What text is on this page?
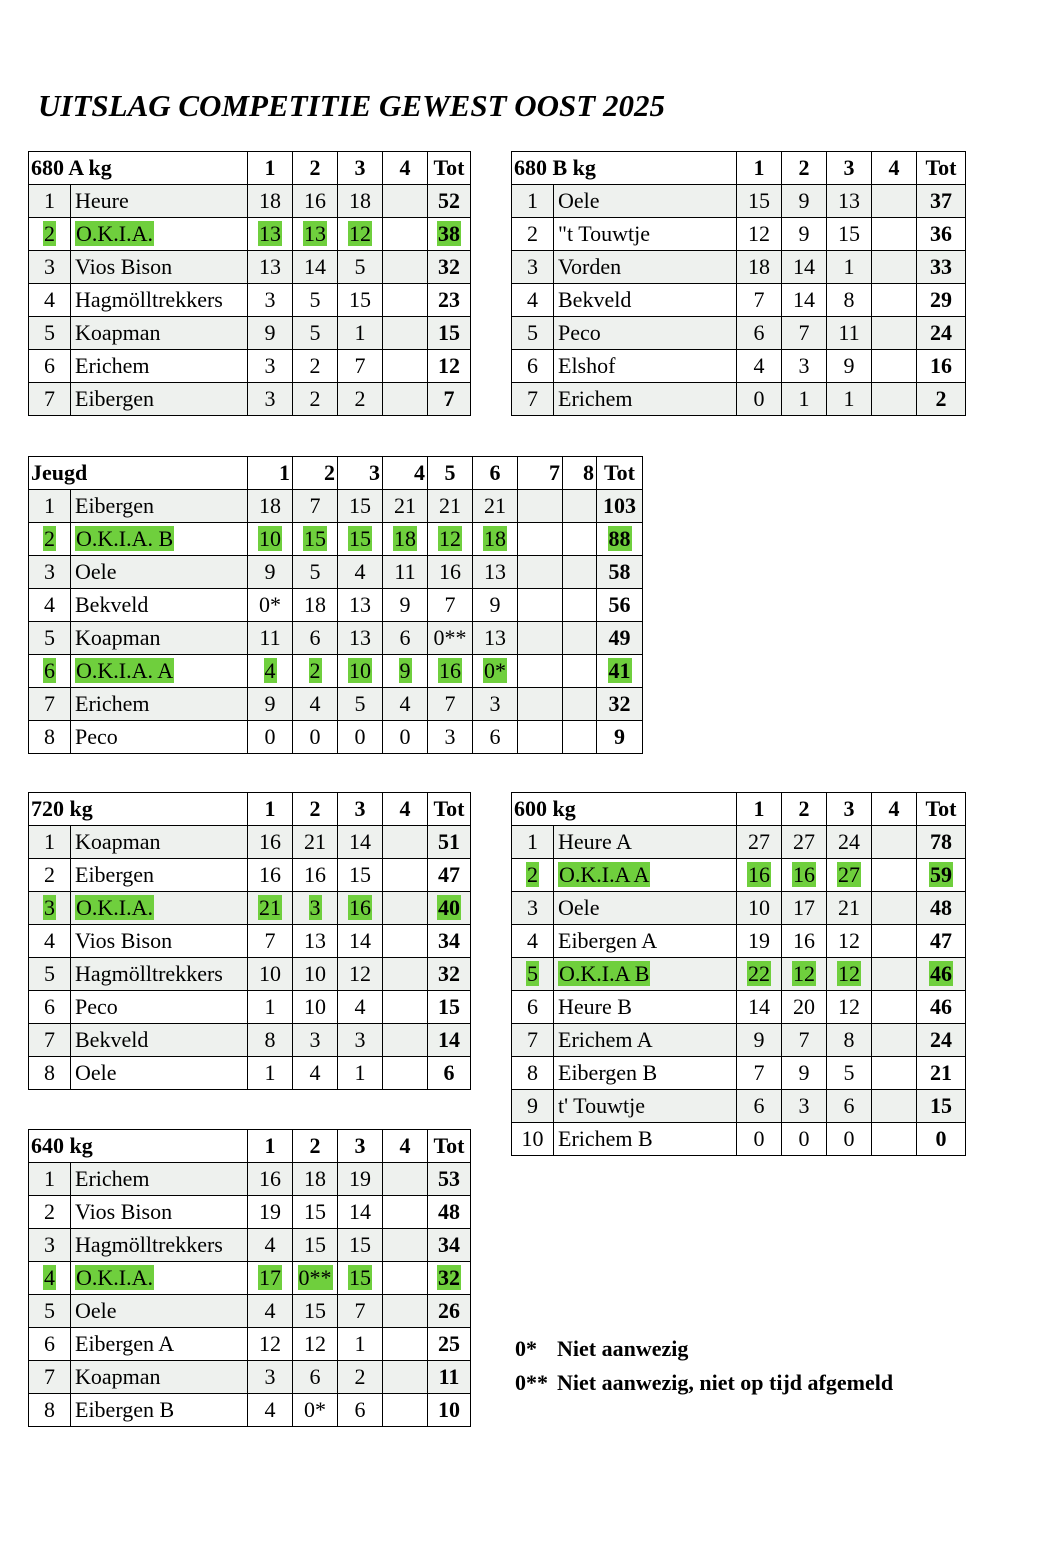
UITSLAG COMPETITIE GEWEST OOST 2025
680 A kg		1	2	3	4	Tot
1	Heure	18	16	18		52
2	O.K.I.A.	13	13	12		38
3	Vios Bison	13	14	5		32
4	Hagmölltrekkers	3	5	15		23
5	Koapman	9	5	1		15
6	Erichem	3	2	7		12
7	Eibergen	3	2	2		7
680 B kg		1	2	3	4	Tot
1	Oele	15	9	13		37
2	"t Touwtje	12	9	15		36
3	Vorden	18	14	1		33
4	Bekveld	7	14	8		29
5	Peco	6	7	11		24
6	Elshof	4	3	9		16
7	Erichem	0	1	1		2
Jeugd		1	2	3	4	5	6	7	8	Tot
1	Eibergen	18	7	15	21	21	21			103
2	O.K.I.A. B	10	15	15	18	12	18			88
3	Oele	9	5	4	11	16	13			58
4	Bekveld	0*	18	13	9	7	9			56
5	Koapman	11	6	13	6	0**	13			49
6	O.K.I.A. A	4	2	10	9	16	0*			41
7	Erichem	9	4	5	4	7	3			32
8	Peco	0	0	0	0	3	6			9
720 kg		1	2	3	4	Tot
1	Koapman	16	21	14		51
2	Eibergen	16	16	15		47
3	O.K.I.A.	21	3	16		40
4	Vios Bison	7	13	14		34
5	Hagmölltrekkers	10	10	12		32
6	Peco	1	10	4		15
7	Bekveld	8	3	3		14
8	Oele	1	4	1		6
600 kg		1	2	3	4	Tot
1	Heure A	27	27	24		78
2	O.K.I.A A	16	16	27		59
3	Oele	10	17	21		48
4	Eibergen A	19	16	12		47
5	O.K.I.A B	22	12	12		46
6	Heure B	14	20	12		46
7	Erichem A	9	7	8		24
8	Eibergen B	7	9	5		21
9	t' Touwtje	6	3	6		15
10	Erichem B	0	0	0		0
640 kg		1	2	3	4	Tot
1	Erichem	16	18	19		53
2	Vios Bison	19	15	14		48
3	Hagmölltrekkers	4	15	15		34
4	O.K.I.A.	17	0**	15		32
5	Oele	4	15	7		26
6	Eibergen A	12	12	1		25
7	Koapman	3	6	2		11
8	Eibergen B	4	0*	6		10
0* Niet aanwezig
0** Niet aanwezig, niet op tijd afgemeld
